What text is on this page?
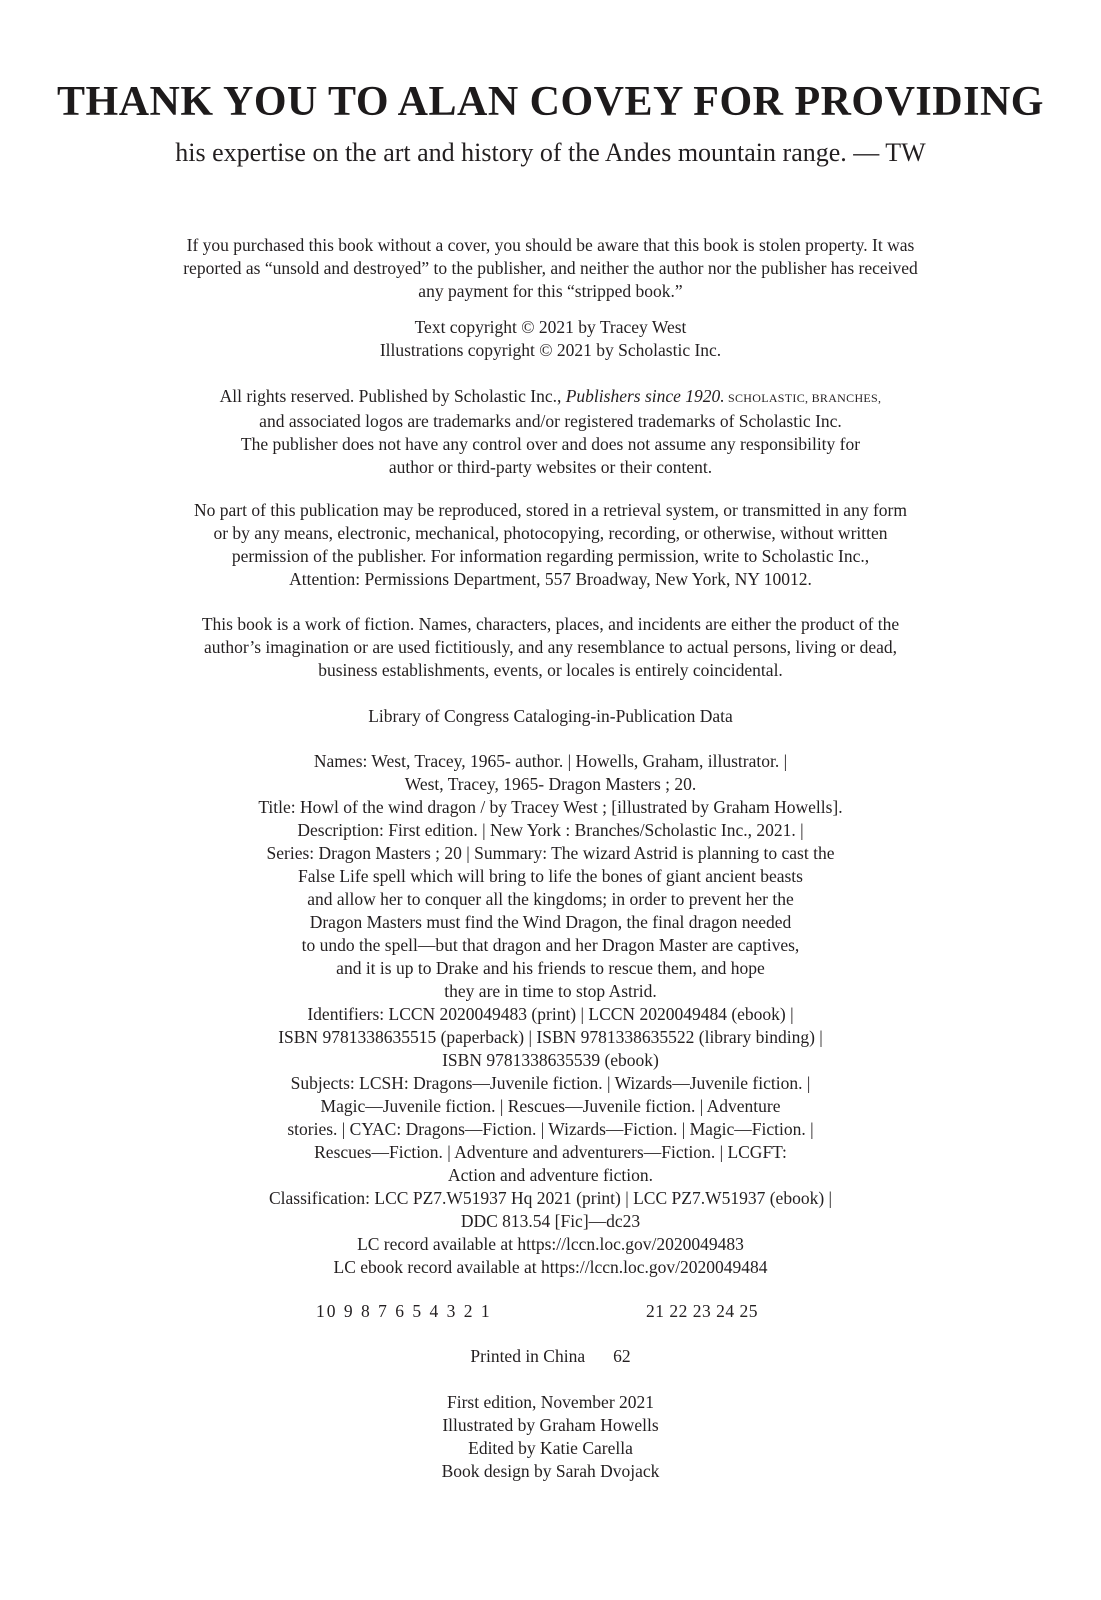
THANK YOU TO ALAN COVEY FOR PROVIDING
his expertise on the art and history of the Andes mountain range. — TW
If you purchased this book without a cover, you should be aware that this book is stolen property. It was
reported as “unsold and destroyed” to the publisher, and neither the author nor the publisher has received
any payment for this “stripped book.”
Text copyright © 2021 by Tracey West
Illustrations copyright © 2021 by Scholastic Inc.
All rights reserved. Published by Scholastic Inc., Publishers since 1920. SCHOLASTIC, BRANCHES,
and associated logos are trademarks and/or registered trademarks of Scholastic Inc.
The publisher does not have any control over and does not assume any responsibility for
author or third-party websites or their content.
No part of this publication may be reproduced, stored in a retrieval system, or transmitted in any form
or by any means, electronic, mechanical, photocopying, recording, or otherwise, without written
permission of the publisher. For information regarding permission, write to Scholastic Inc.,
Attention: Permissions Department, 557 Broadway, New York, NY 10012.
This book is a work of fiction. Names, characters, places, and incidents are either the product of the
author’s imagination or are used fictitiously, and any resemblance to actual persons, living or dead,
business establishments, events, or locales is entirely coincidental.
Library of Congress Cataloging-in-Publication Data
Names: West, Tracey, 1965- author. | Howells, Graham, illustrator. |
West, Tracey, 1965- Dragon Masters ; 20.
Title: Howl of the wind dragon / by Tracey West ; [illustrated by Graham Howells].
Description: First edition. | New York : Branches/Scholastic Inc., 2021. |
Series: Dragon Masters ; 20 | Summary: The wizard Astrid is planning to cast the
False Life spell which will bring to life the bones of giant ancient beasts
and allow her to conquer all the kingdoms; in order to prevent her the
Dragon Masters must find the Wind Dragon, the final dragon needed
to undo the spell—but that dragon and her Dragon Master are captives,
and it is up to Drake and his friends to rescue them, and hope
they are in time to stop Astrid.
Identifiers: LCCN 2020049483 (print) | LCCN 2020049484 (ebook) |
ISBN 9781338635515 (paperback) | ISBN 9781338635522 (library binding) |
ISBN 9781338635539 (ebook)
Subjects: LCSH: Dragons—Juvenile fiction. | Wizards—Juvenile fiction. |
Magic—Juvenile fiction. | Rescues—Juvenile fiction. | Adventure
stories. | CYAC: Dragons—Fiction. | Wizards—Fiction. | Magic—Fiction. |
Rescues—Fiction. | Adventure and adventurers—Fiction. | LCGFT:
Action and adventure fiction.
Classification: LCC PZ7.W51937 Hq 2021 (print) | LCC PZ7.W51937 (ebook) |
DDC 813.54 [Fic]—dc23
LC record available at https://lccn.loc.gov/2020049483
LC ebook record available at https://lccn.loc.gov/2020049484
10 9 8 7 6 5 4 3 2 1	21 22 23 24 25
Printed in China 62
First edition, November 2021
Illustrated by Graham Howells
Edited by Katie Carella
Book design by Sarah Dvojack
